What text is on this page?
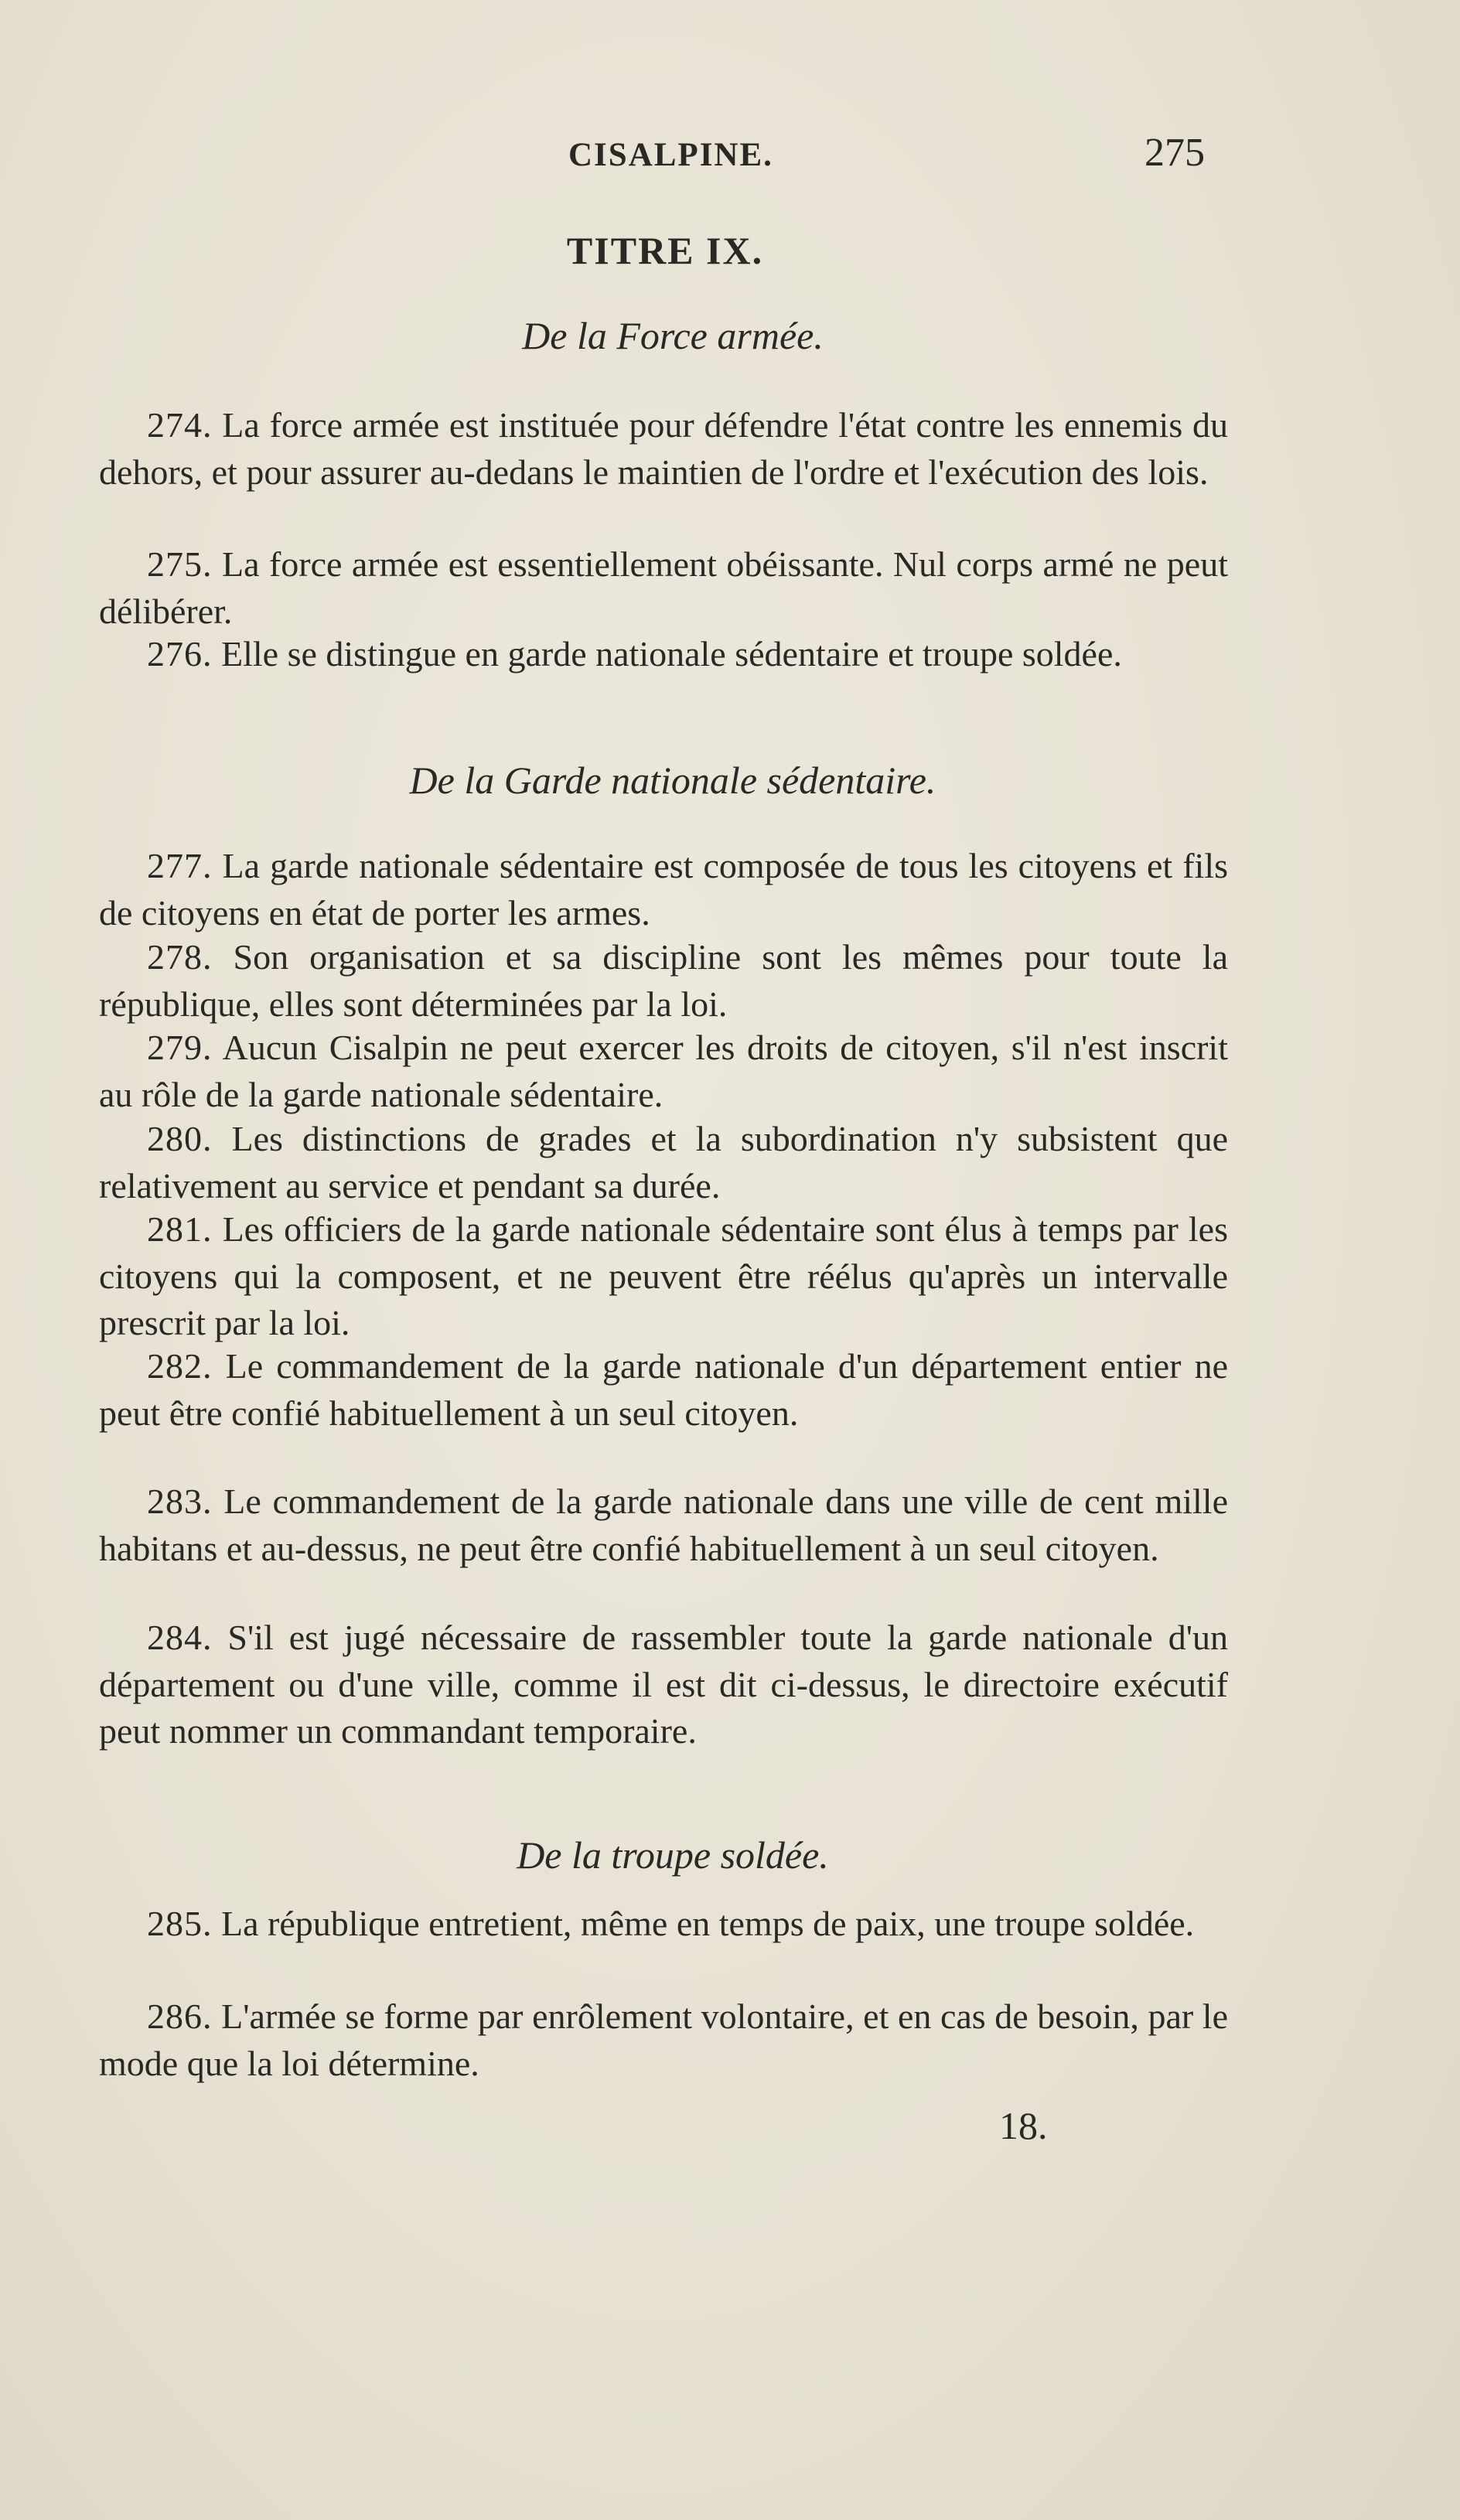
CISALPINE.	275
TITRE IX.
De la Force armée.

274. La force armée est instituée pour défendre l'état contre les ennemis du dehors, et pour assurer au-dedans le maintien de l'ordre et l'exécution des lois.

275. La force armée est essentiellement obéissante. Nul corps armé ne peut délibérer.

276. Elle se distingue en garde nationale sédentaire et troupe soldée.

De la Garde nationale sédentaire.

277. La garde nationale sédentaire est composée de tous les citoyens et fils de citoyens en état de porter les armes.

278. Son organisation et sa discipline sont les mêmes pour toute la république, elles sont déterminées par la loi.

279. Aucun Cisalpin ne peut exercer les droits de citoyen, s'il n'est inscrit au rôle de la garde nationale sédentaire.

280. Les distinctions de grades et la subordination n'y subsistent que relativement au service et pendant sa durée.

281. Les officiers de la garde nationale sédentaire sont élus à temps par les citoyens qui la composent, et ne peuvent être réélus qu'après un intervalle prescrit par la loi.

282. Le commandement de la garde nationale d'un département entier ne peut être confié habituellement à un seul citoyen.

283. Le commandement de la garde nationale dans une ville de cent mille habitans et au-dessus, ne peut être confié habituellement à un seul citoyen.

284. S'il est jugé nécessaire de rassembler toute la garde nationale d'un département ou d'une ville, comme il est dit ci-dessus, le directoire exécutif peut nommer un commandant temporaire.

De la troupe soldée.

285. La république entretient, même en temps de paix, une troupe soldée.

286. L'armée se forme par enrôlement volontaire, et en cas de besoin, par le mode que la loi détermine.

18.
